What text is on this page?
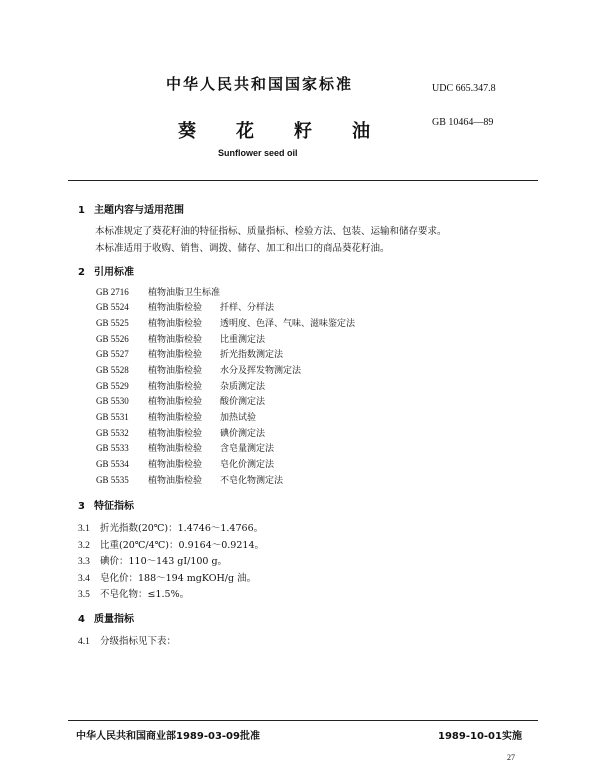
中华人民共和国国家标准	UDC 665.347.8
葵 花 籽 油	GB 10464—89
Sunflower seed oil
1 主题内容与适用范围
本标准规定了葵花籽油的特征指标、质量指标、检验方法、包装、运输和储存要求。
本标准适用于收购、销售、调拨、储存、加工和出口的商品葵花籽油。
2 引用标准
GB 2716 植物油脂卫生标准
GB 5524 植物油脂检验 扦样、分样法
GB 5525 植物油脂检验 透明度、色泽、气味、滋味鉴定法
GB 5526 植物油脂检验 比重测定法
GB 5527 植物油脂检验 折光指数测定法
GB 5528 植物油脂检验 水分及挥发物测定法
GB 5529 植物油脂检验 杂质测定法
GB 5530 植物油脂检验 酸价测定法
GB 5531 植物油脂检验 加热试验
GB 5532 植物油脂检验 碘价测定法
GB 5533 植物油脂检验 含皂量测定法
GB 5534 植物油脂检验 皂化价测定法
GB 5535 植物油脂检验 不皂化物测定法
3 特征指标
3.1 折光指数(20℃)：1.4746～1.4766。
3.2 比重(20℃/4℃)：0.9164～0.9214。
3.3 碘价：110～143 gI/100 g。
3.4 皂化价：188～194 mgKOH/g 油。
3.5 不皂化物：≤1.5%。
4 质量指标
4.1 分级指标见下表：
中华人民共和国商业部1989-03-09批准	1989-10-01实施
27
